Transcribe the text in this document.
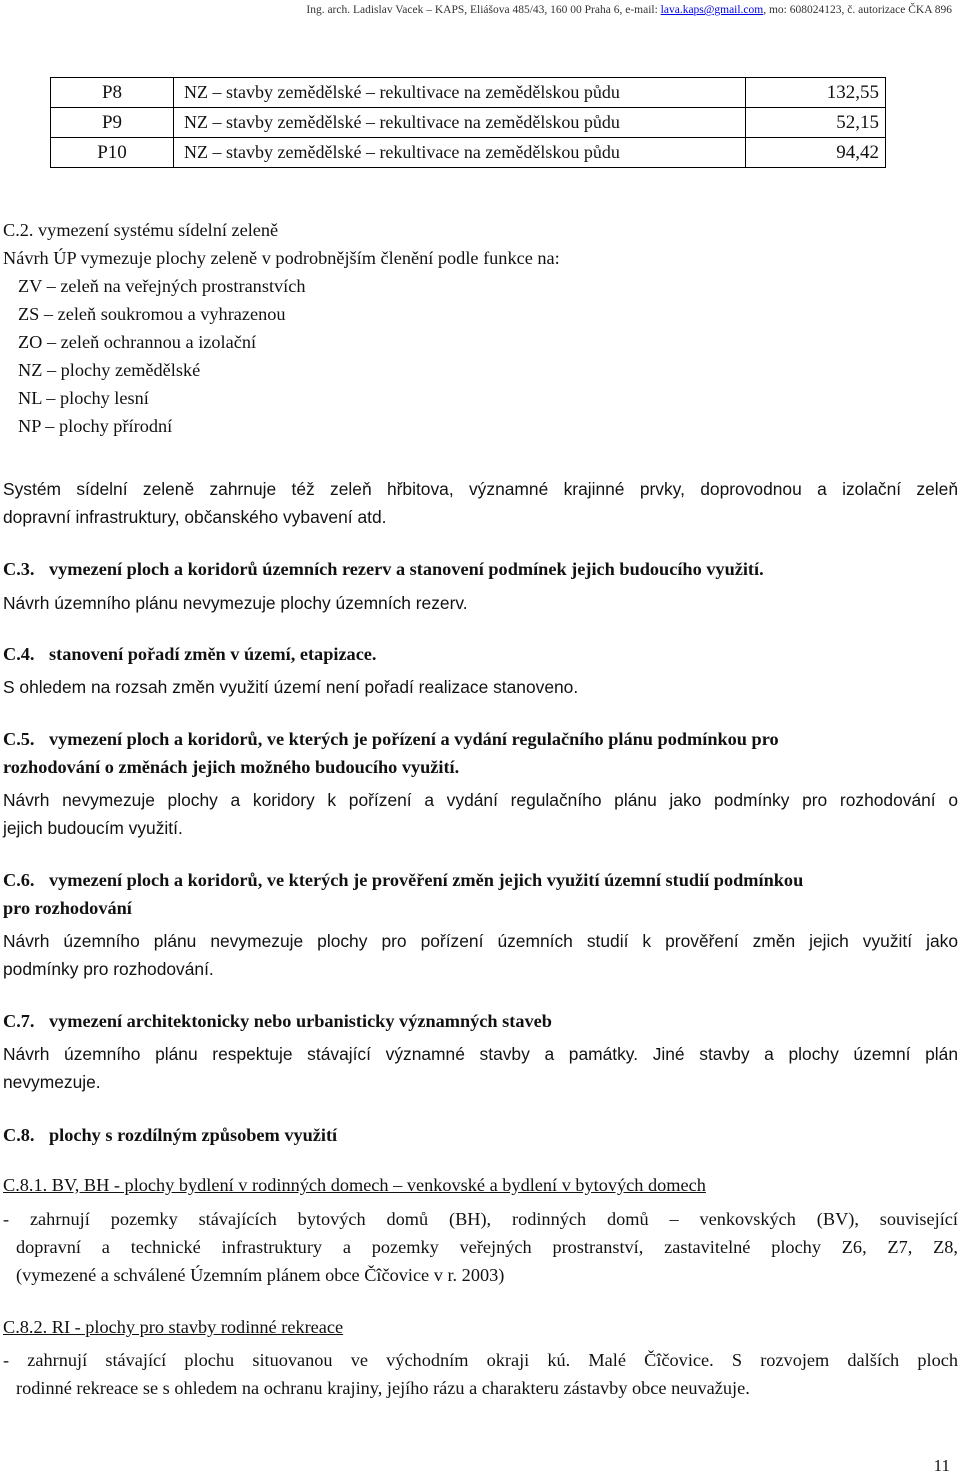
Ing. arch. Ladislav Vacek – KAPS, Eliášova 485/43, 160 00 Praha 6, e-mail: lava.kaps@gmail.com, mo: 608024123, č. autorizace ČKA 896
P8	NZ – stavby zemědělské – rekultivace na zemědělskou půdu	132,55
P9	NZ – stavby zemědělské – rekultivace na zemědělskou půdu	52,15
P10	NZ – stavby zemědělské – rekultivace na zemědělskou půdu	94,42
C.2. vymezení systému sídelní zeleně
Návrh ÚP vymezuje plochy zeleně v podrobnějším členění podle funkce na:
ZV – zeleň na veřejných prostranstvích
ZS – zeleň soukromou a vyhrazenou
ZO – zeleň ochrannou a izolační
NZ – plochy zemědělské
NL – plochy lesní
NP – plochy přírodní
Systém sídelní zeleně zahrnuje též zeleň hřbitova, významné krajinné prvky, doprovodnou a izolační zeleň
dopravní infrastruktury, občanského vybavení atd.
C.3. vymezení ploch a koridorů územních rezerv a stanovení podmínek jejich budoucího využití.
Návrh územního plánu nevymezuje plochy územních rezerv.
C.4. stanovení pořadí změn v území, etapizace.
S ohledem na rozsah změn využití území není pořadí realizace stanoveno.
C.5. vymezení ploch a koridorů, ve kterých je pořízení a vydání regulačního plánu podmínkou pro
rozhodování o změnách jejich možného budoucího využití.
Návrh nevymezuje plochy a koridory k pořízení a vydání regulačního plánu jako podmínky pro rozhodování o
jejich budoucím využití.
C.6. vymezení ploch a koridorů, ve kterých je prověření změn jejich využití územní studií podmínkou
pro rozhodování
Návrh územního plánu nevymezuje plochy pro pořízení územních studií k prověření změn jejich využití jako
podmínky pro rozhodování.
C.7. vymezení architektonicky nebo urbanisticky významných staveb
Návrh územního plánu respektuje stávající významné stavby a památky. Jiné stavby a plochy územní plán
nevymezuje.
C.8. plochy s rozdílným způsobem využití
C.8.1. BV, BH - plochy bydlení v rodinných domech – venkovské a bydlení v bytových domech
- zahrnují pozemky stávajících bytových domů (BH), rodinných domů – venkovských (BV), související
dopravní a technické infrastruktury a pozemky veřejných prostranství, zastavitelné plochy Z6, Z7, Z8,
(vymezené a schválené Územním plánem obce Čîčovice v r. 2003)
C.8.2. RI - plochy pro stavby rodinné rekreace
- zahrnují stávající plochu situovanou ve východním okraji kú. Malé Čîčovice. S rozvojem dalších ploch
rodinné rekreace se s ohledem na ochranu krajiny, jejího rázu a charakteru zástavby obce neuvažuje.
11
